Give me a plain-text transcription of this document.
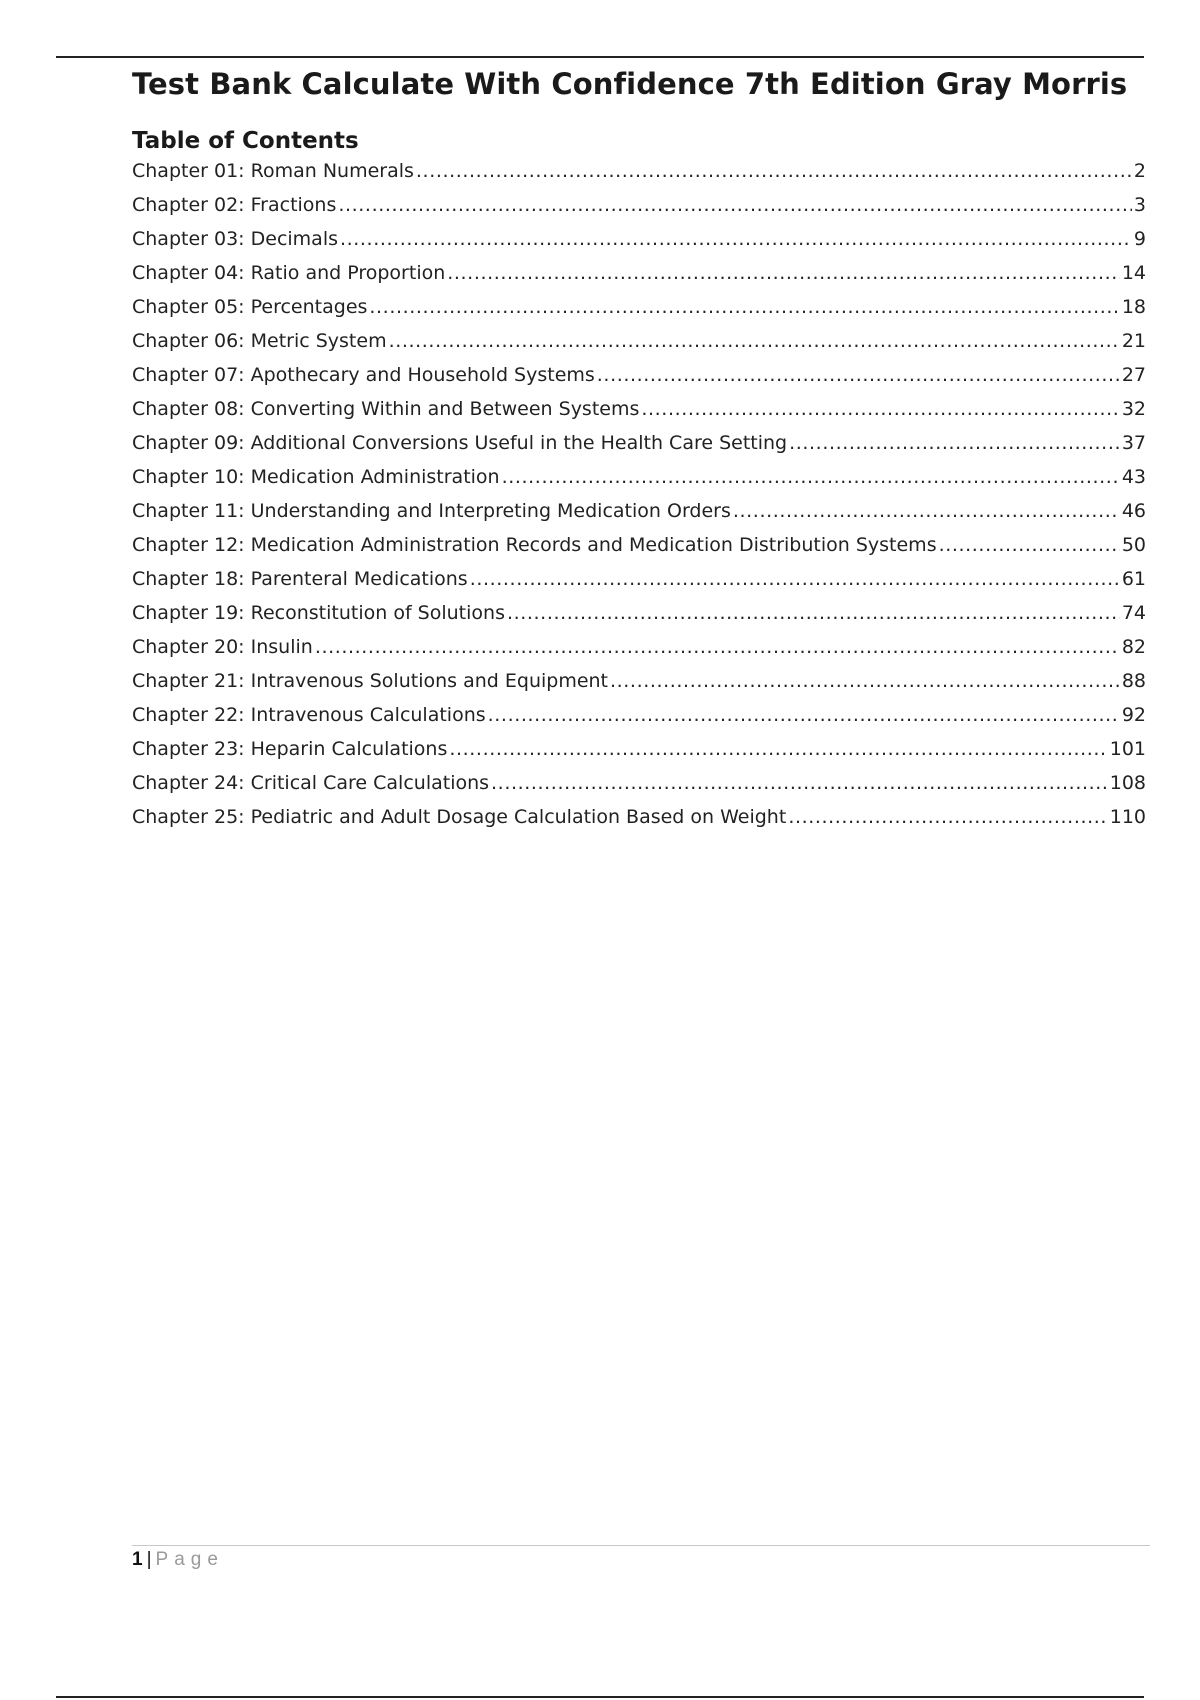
Test Bank Calculate With Confidence 7th Edition Gray Morris
Table of Contents
Chapter 01: Roman Numerals .....	2
Chapter 02: Fractions .....	3
Chapter 03: Decimals .....	9
Chapter 04: Ratio and Proportion .....	14
Chapter 05: Percentages .....	18
Chapter 06: Metric System .....	21
Chapter 07: Apothecary and Household Systems .....	27
Chapter 08: Converting Within and Between Systems .....	32
Chapter 09: Additional Conversions Useful in the Health Care Setting .....	37
Chapter 10: Medication Administration .....	43
Chapter 11: Understanding and Interpreting Medication Orders .....	46
Chapter 12: Medication Administration Records and Medication Distribution Systems .....	50
Chapter 18: Parenteral Medications .....	61
Chapter 19: Reconstitution of Solutions .....	74
Chapter 20: Insulin .....	82
Chapter 21: Intravenous Solutions and Equipment .....	88
Chapter 22: Intravenous Calculations .....	92
Chapter 23: Heparin Calculations .....	101
Chapter 24: Critical Care Calculations .....	108
Chapter 25: Pediatric and Adult Dosage Calculation Based on Weight .....	110
1 | Page
